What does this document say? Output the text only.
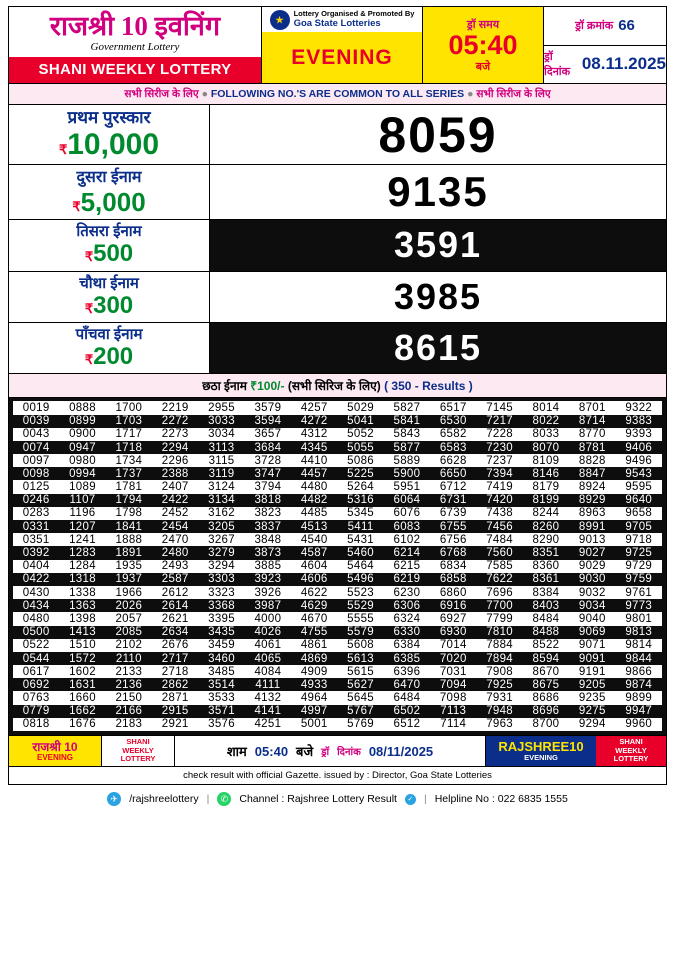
राजश्री 10 इवनिंग
Government Lottery
SHANI WEEKLY LOTTERY
★
Lottery Organised & Promoted By
Goa State Lotteries
EVENING
ड्रॉ समय
05:40
बजे
ड्रॉ क्रमांक 66
ड्रॉ दिनांक 08.11.2025
सभी सिरीज के लिए ● FOLLOWING NO.'S ARE COMMON TO ALL SERIES ● सभी सिरीज के लिए
प्रथम पुरस्कार
₹10,000	8059
दुसरा ईनाम
₹5,000	9135
तिसरा ईनाम
₹500	3591
चौथा ईनाम
₹300	3985
पाँचवा ईनाम
₹200	8615
छठा ईनाम ₹100/- (सभी सिरिज के लिए) ( 350 - Results )
0019	0888	1700	2219	2955	3579	4257	5029	5827	6517	7145	8014	8701	9322
0039	0899	1703	2272	3033	3594	4272	5041	5841	6530	7217	8022	8714	9383
0043	0900	1717	2273	3034	3657	4312	5052	5843	6582	7228	8033	8770	9393
0074	0947	1718	2294	3113	3684	4345	5055	5877	6583	7230	8070	8781	9406
0097	0980	1734	2296	3115	3728	4410	5086	5889	6628	7237	8109	8828	9496
0098	0994	1737	2388	3119	3747	4457	5225	5900	6650	7394	8146	8847	9543
0125	1089	1781	2407	3124	3794	4480	5264	5951	6712	7419	8179	8924	9595
0246	1107	1794	2422	3134	3818	4482	5316	6064	6731	7420	8199	8929	9640
0283	1196	1798	2452	3162	3823	4485	5345	6076	6739	7438	8244	8963	9658
0331	1207	1841	2454	3205	3837	4513	5411	6083	6755	7456	8260	8991	9705
0351	1241	1888	2470	3267	3848	4540	5431	6102	6756	7484	8290	9013	9718
0392	1283	1891	2480	3279	3873	4587	5460	6214	6768	7560	8351	9027	9725
0404	1284	1935	2493	3294	3885	4604	5464	6215	6834	7585	8360	9029	9729
0422	1318	1937	2587	3303	3923	4606	5496	6219	6858	7622	8361	9030	9759
0430	1338	1966	2612	3323	3926	4622	5523	6230	6860	7696	8384	9032	9761
0434	1363	2026	2614	3368	3987	4629	5529	6306	6916	7700	8403	9034	9773
0480	1398	2057	2621	3395	4000	4670	5555	6324	6927	7799	8484	9040	9801
0500	1413	2085	2634	3435	4026	4755	5579	6330	6930	7810	8488	9069	9813
0522	1510	2102	2676	3459	4061	4861	5608	6384	7014	7884	8522	9071	9814
0544	1572	2110	2717	3460	4065	4869	5613	6385	7020	7894	8594	9091	9844
0617	1602	2133	2718	3485	4084	4909	5615	6396	7031	7908	8670	9191	9866
0692	1631	2136	2862	3514	4111	4933	5627	6470	7094	7925	8675	9205	9874
0763	1660	2150	2871	3533	4132	4964	5645	6484	7098	7931	8686	9235	9899
0779	1662	2166	2915	3571	4141	4997	5767	6502	7113	7948	8696	9275	9947
0818	1676	2183	2921	3576	4251	5001	5769	6512	7114	7963	8700	9294	9960
राजश्री 10
EVENING
SHANI
WEEKLY
LOTTERY	शाम 05:40 बजे ड्रॉ दिनांक 08/11/2025	RAJSHREE10
EVENING
SHANI
WEEKLY
LOTTERY
check result with official Gazette. issued by : Director, Goa State Lotteries
✈	/rajshreelottery |	✆	Channel : Rajshree Lottery Result	✓ | Helpline No : 022 6835 1555
